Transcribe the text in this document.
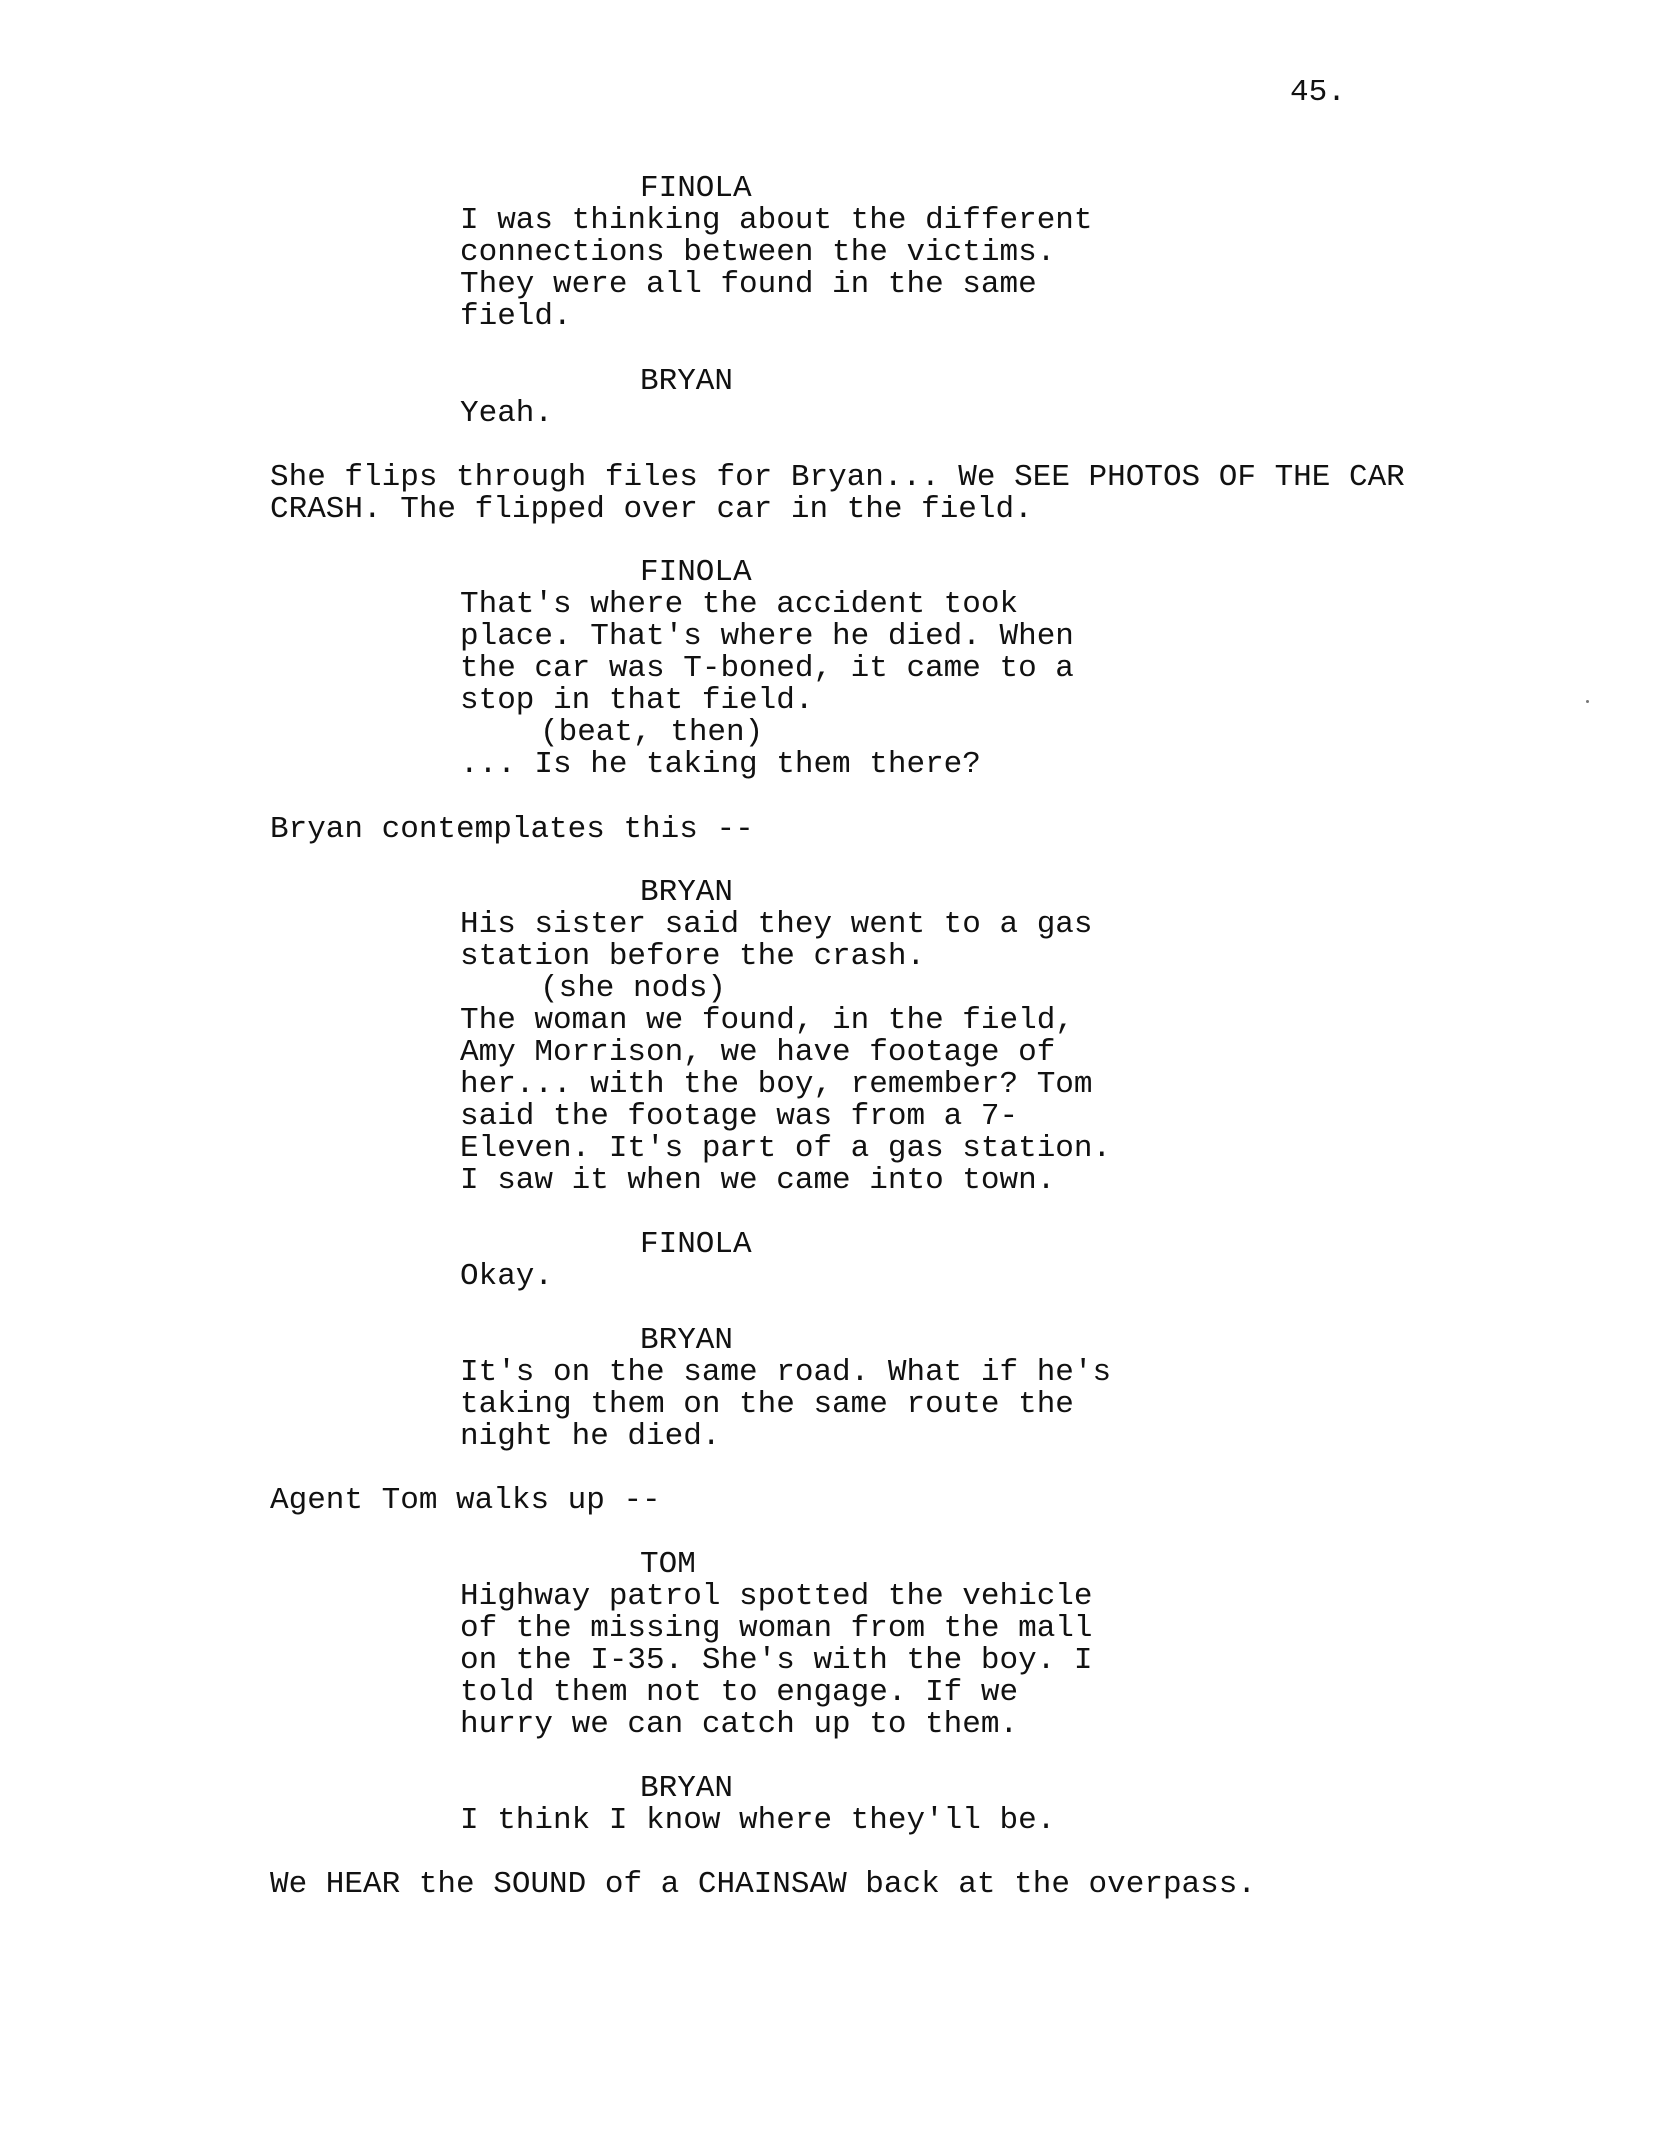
45.
FINOLA
I was thinking about the different
connections between the victims.
They were all found in the same
field.
BRYAN
Yeah.
She flips through files for Bryan... We SEE PHOTOS OF THE CAR
CRASH. The flipped over car in the field.
FINOLA
That's where the accident took
place. That's where he died. When
the car was T-boned, it came to a
stop in that field.
(beat, then)
... Is he taking them there?
Bryan contemplates this --
BRYAN
His sister said they went to a gas
station before the crash.
(she nods)
The woman we found, in the field,
Amy Morrison, we have footage of
her... with the boy, remember? Tom
said the footage was from a 7-
Eleven. It's part of a gas station.
I saw it when we came into town.
FINOLA
Okay.
BRYAN
It's on the same road. What if he's
taking them on the same route the
night he died.
Agent Tom walks up --
TOM
Highway patrol spotted the vehicle
of the missing woman from the mall
on the I-35. She's with the boy. I
told them not to engage. If we
hurry we can catch up to them.
BRYAN
I think I know where they'll be.
We HEAR the SOUND of a CHAINSAW back at the overpass.
